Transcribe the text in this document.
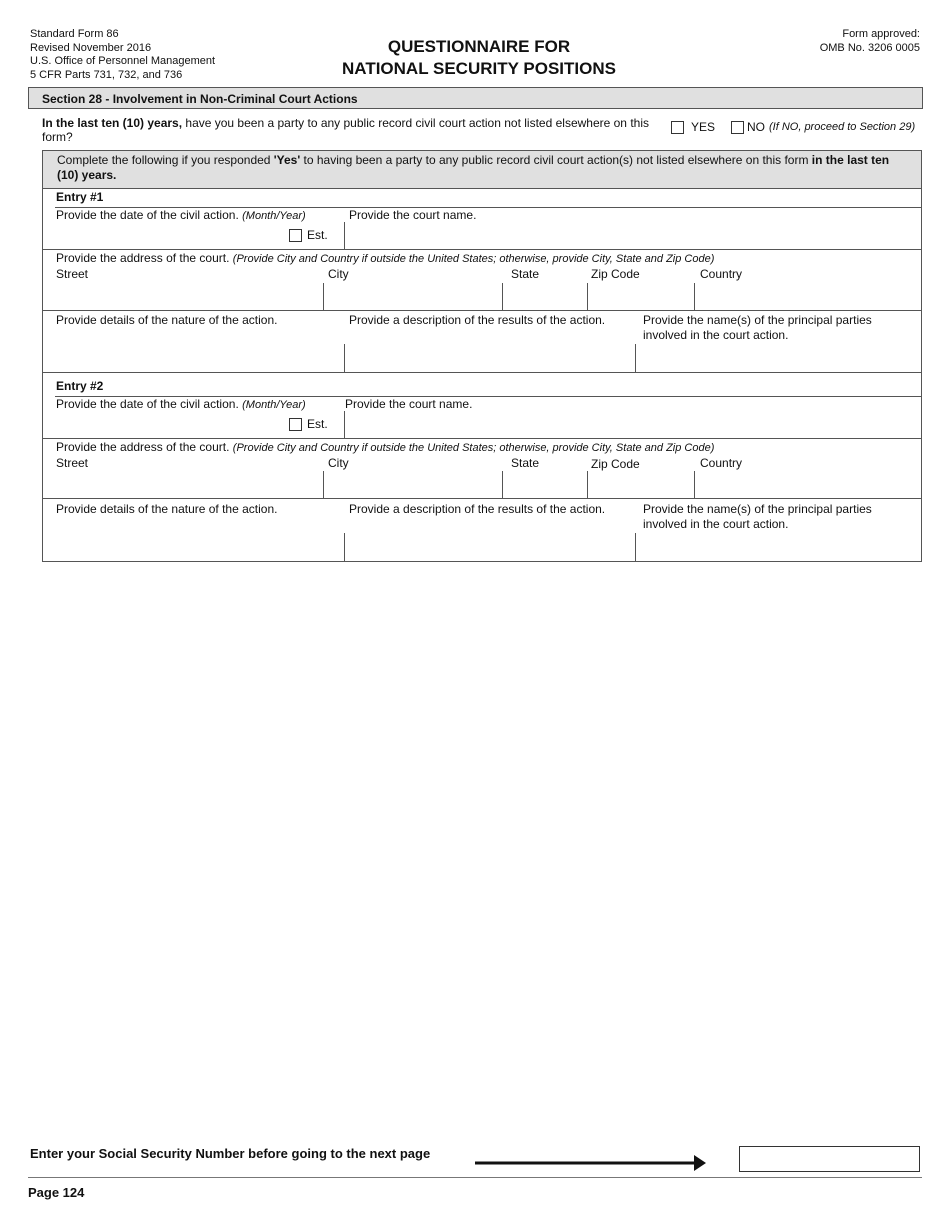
Standard Form 86
Revised November 2016
U.S. Office of Personnel Management
5 CFR Parts 731, 732, and 736
QUESTIONNAIRE FOR
NATIONAL SECURITY POSITIONS
Form approved:
OMB No. 3206 0005
Section 28 - Involvement in Non-Criminal Court Actions
In the last ten (10) years, have you been a party to any public record civil court action not listed elsewhere on this form?
YES	NO (If NO, proceed to Section 29)
Complete the following if you responded 'Yes' to having been a party to any public record civil court action(s) not listed elsewhere on this form in the last ten (10) years.
Entry #1
Provide the date of the civil action. (Month/Year)
Est.
Provide the court name.
Provide the address of the court. (Provide City and Country if outside the United States; otherwise, provide City, State and Zip Code)
Street	City	State	Zip Code	Country
Provide details of the nature of the action.	Provide a description of the results of the action.	Provide the name(s) of the principal parties involved in the court action.
Entry #2
Provide the date of the civil action. (Month/Year)
Est.
Provide the court name.
Provide the address of the court. (Provide City and Country if outside the United States; otherwise, provide City, State and Zip Code)
Street	City	State	Zip Code	Country
Provide details of the nature of the action.	Provide a description of the results of the action.	Provide the name(s) of the principal parties involved in the court action.
Enter your Social Security Number before going to the next page
Page 124
